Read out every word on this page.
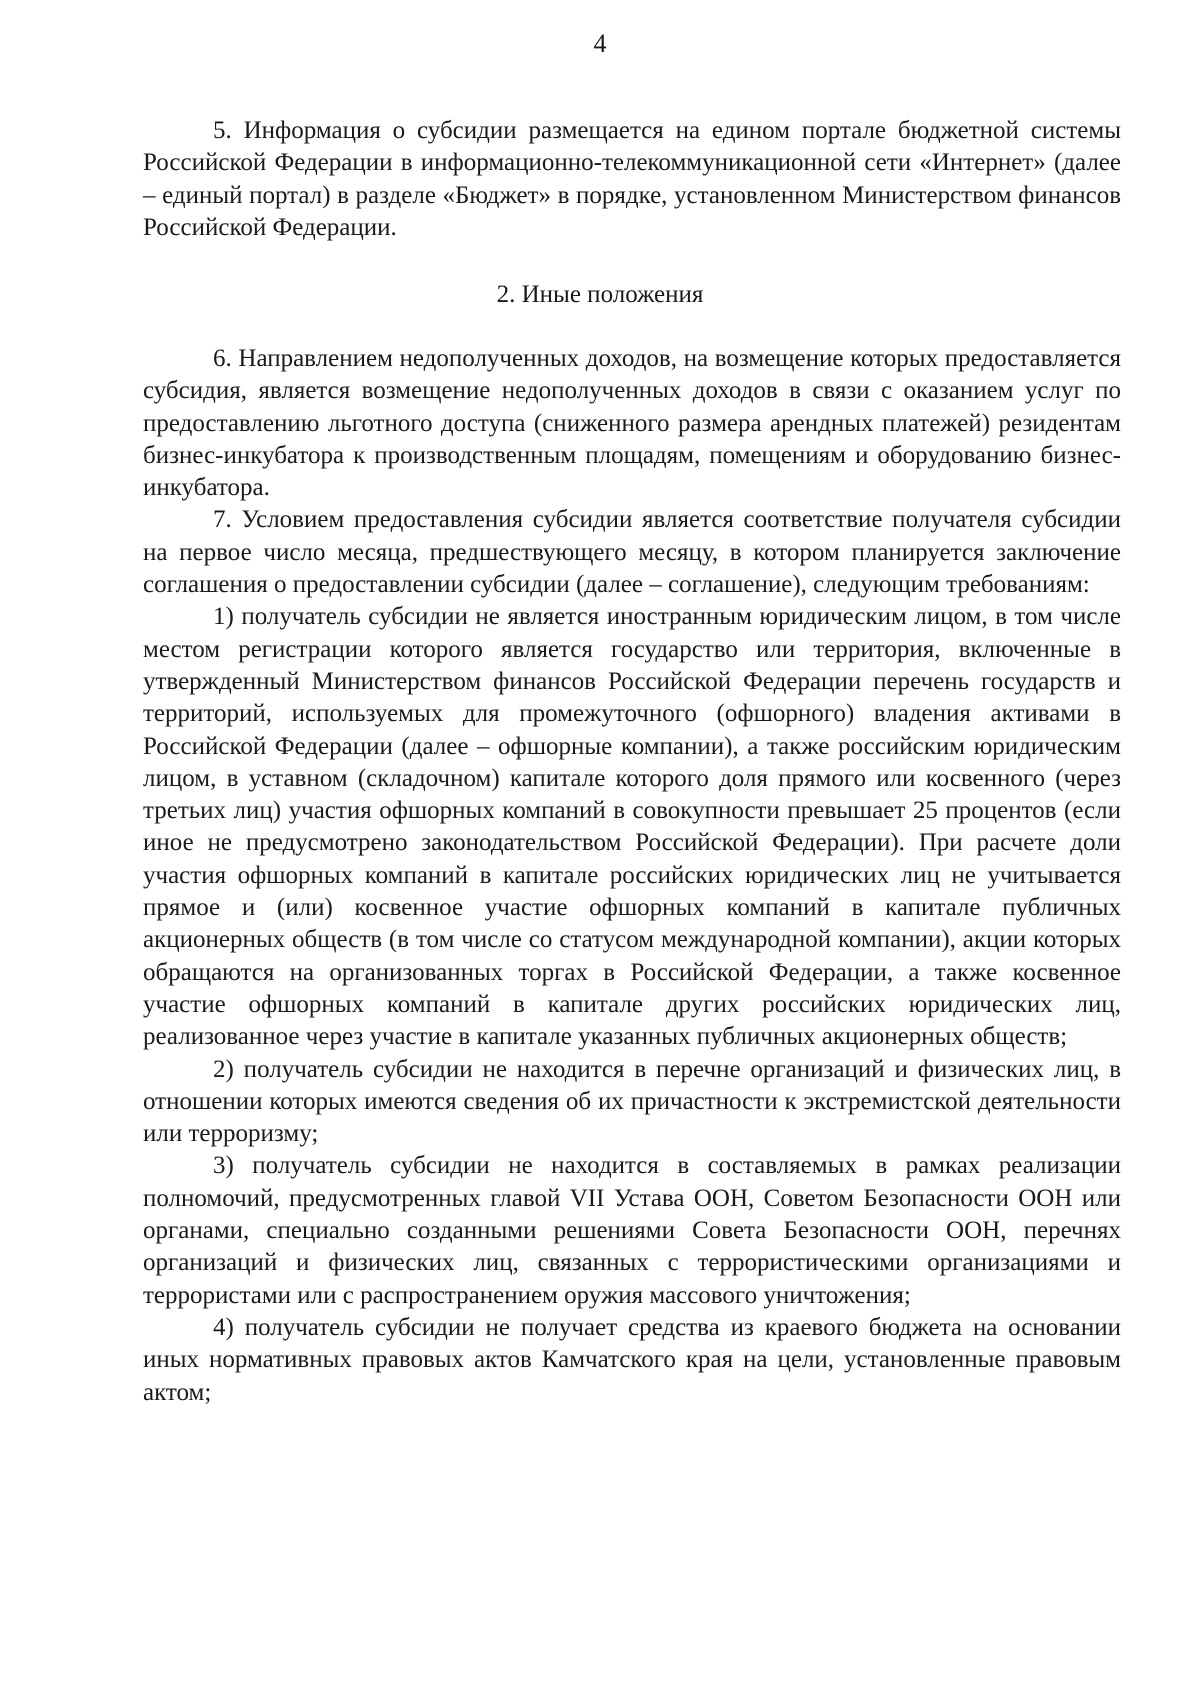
4

5. Информация о субсидии размещается на едином портале бюджетной системы Российской Федерации в информационно-телекоммуникационной сети «Интернет» (далее – единый портал) в разделе «Бюджет» в порядке, установленном Министерством финансов Российской Федерации.

2. Иные положения

6. Направлением недополученных доходов, на возмещение которых предоставляется субсидия, является возмещение недополученных доходов в связи с оказанием услуг по предоставлению льготного доступа (сниженного размера арендных платежей) резидентам бизнес-инкубатора к производственным площадям, помещениям и оборудованию бизнес-инкубатора.

7. Условием предоставления субсидии является соответствие получателя субсидии на первое число месяца, предшествующего месяцу, в котором планируется заключение соглашения о предоставлении субсидии (далее – соглашение), следующим требованиям:

1) получатель субсидии не является иностранным юридическим лицом, в том числе местом регистрации которого является государство или территория, включенные в утвержденный Министерством финансов Российской Федерации перечень государств и территорий, используемых для промежуточного (офшорного) владения активами в Российской Федерации (далее – офшорные компании), а также российским юридическим лицом, в уставном (складочном) капитале которого доля прямого или косвенного (через третьих лиц) участия офшорных компаний в совокупности превышает 25 процентов (если иное не предусмотрено законодательством Российской Федерации). При расчете доли участия офшорных компаний в капитале российских юридических лиц не учитывается прямое и (или) косвенное участие офшорных компаний в капитале публичных акционерных обществ (в том числе со статусом международной компании), акции которых обращаются на организованных торгах в Российской Федерации, а также косвенное участие офшорных компаний в капитале других российских юридических лиц, реализованное через участие в капитале указанных публичных акционерных обществ;

2) получатель субсидии не находится в перечне организаций и физических лиц, в отношении которых имеются сведения об их причастности к экстремистской деятельности или терроризму;

3) получатель субсидии не находится в составляемых в рамках реализации полномочий, предусмотренных главой VII Устава ООН, Советом Безопасности ООН или органами, специально созданными решениями Совета Безопасности ООН, перечнях организаций и физических лиц, связанных с террористическими организациями и террористами или с распространением оружия массового уничтожения;

4) получатель субсидии не получает средства из краевого бюджета на основании иных нормативных правовых актов Камчатского края на цели, установленные правовым актом;
